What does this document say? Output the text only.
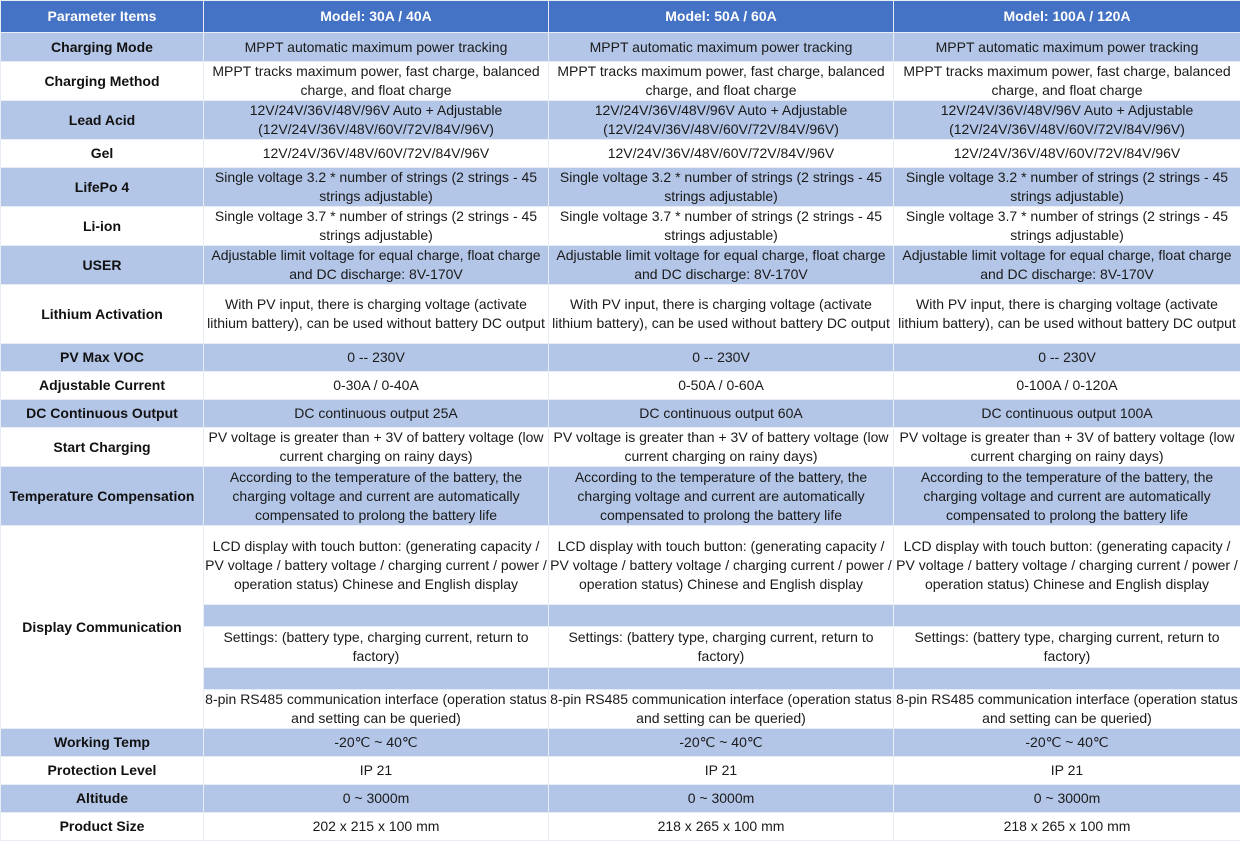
Parameter Items	Model: 30A / 40A	Model: 50A / 60A	Model: 100A / 120A
Charging Mode	MPPT automatic maximum power tracking	MPPT automatic maximum power tracking	MPPT automatic maximum power tracking
Charging Method	MPPT tracks maximum power, fast charge, balanced charge, and float charge	MPPT tracks maximum power, fast charge, balanced charge, and float charge	MPPT tracks maximum power, fast charge, balanced charge, and float charge
Lead Acid	12V/24V/36V/48V/96V Auto + Adjustable (12V/24V/36V/48V/60V/72V/84V/96V)	12V/24V/36V/48V/96V Auto + Adjustable (12V/24V/36V/48V/60V/72V/84V/96V)	12V/24V/36V/48V/96V Auto + Adjustable (12V/24V/36V/48V/60V/72V/84V/96V)
Gel	12V/24V/36V/48V/60V/72V/84V/96V	12V/24V/36V/48V/60V/72V/84V/96V	12V/24V/36V/48V/60V/72V/84V/96V
LifePo 4	Single voltage 3.2 * number of strings (2 strings - 45 strings adjustable)	Single voltage 3.2 * number of strings (2 strings - 45 strings adjustable)	Single voltage 3.2 * number of strings (2 strings - 45 strings adjustable)
Li-ion	Single voltage 3.7 * number of strings (2 strings - 45 strings adjustable)	Single voltage 3.7 * number of strings (2 strings - 45 strings adjustable)	Single voltage 3.7 * number of strings (2 strings - 45 strings adjustable)
USER	Adjustable limit voltage for equal charge, float charge and DC discharge: 8V-170V	Adjustable limit voltage for equal charge, float charge and DC discharge: 8V-170V	Adjustable limit voltage for equal charge, float charge and DC discharge: 8V-170V
Lithium Activation	With PV input, there is charging voltage (activate lithium battery), can be used without battery DC output	With PV input, there is charging voltage (activate lithium battery), can be used without battery DC output	With PV input, there is charging voltage (activate lithium battery), can be used without battery DC output
PV Max VOC	0 -- 230V	0 -- 230V	0 -- 230V
Adjustable Current	0-30A / 0-40A	0-50A / 0-60A	0-100A / 0-120A
DC Continuous Output	DC continuous output 25A	DC continuous output 60A	DC continuous output 100A
Start Charging	PV voltage is greater than + 3V of battery voltage (low current charging on rainy days)	PV voltage is greater than + 3V of battery voltage (low current charging on rainy days)	PV voltage is greater than + 3V of battery voltage (low current charging on rainy days)
Temperature Compensation	According to the temperature of the battery, the charging voltage and current are automatically compensated to prolong the battery life	According to the temperature of the battery, the charging voltage and current are automatically compensated to prolong the battery life	According to the temperature of the battery, the charging voltage and current are automatically compensated to prolong the battery life
Display Communication	LCD display with touch button: (generating capacity / PV voltage / battery voltage / charging current / power / operation status) Chinese and English display	LCD display with touch button: (generating capacity / PV voltage / battery voltage / charging current / power / operation status) Chinese and English display	LCD display with touch button: (generating capacity / PV voltage / battery voltage / charging current / power / operation status) Chinese and English display

	Settings: (battery type, charging current, return to factory)	Settings: (battery type, charging current, return to factory)	Settings: (battery type, charging current, return to factory)

	8-pin RS485 communication interface (operation status and setting can be queried)	8-pin RS485 communication interface (operation status and setting can be queried)	8-pin RS485 communication interface (operation status and setting can be queried)
Working Temp	-20℃ ~ 40℃	-20℃ ~ 40℃	-20℃ ~ 40℃
Protection Level	IP 21	IP 21	IP 21
Altitude	0 ~ 3000m	0 ~ 3000m	0 ~ 3000m
Product Size	202 x 215 x 100 mm	218 x 265 x 100 mm	218 x 265 x 100 mm
